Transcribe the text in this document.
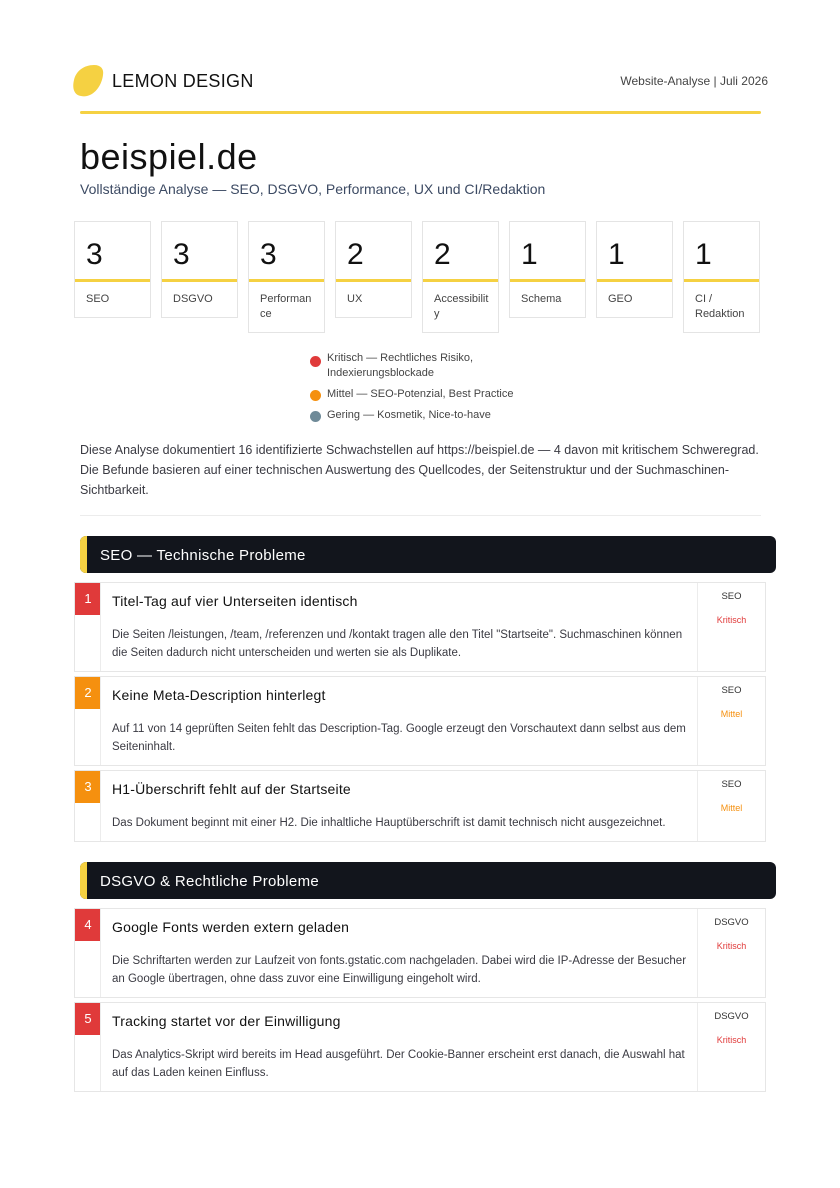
LEMON DESIGN	Website-Analyse | Juli 2026
beispiel.de
Vollständige Analyse — SEO, DSGVO, Performance, UX und CI/Redaktion
3
SEO
3
DSGVO
3
Performance
2
UX
2
Accessibility
1
Schema
1
GEO
1
CI / Redaktion
Kritisch — Rechtliches Risiko, Indexierungsblockade
Mittel — SEO-Potenzial, Best Practice
Gering — Kosmetik, Nice-to-have

Diese Analyse dokumentiert 16 identifizierte Schwachstellen auf https://beispiel.de — 4 davon mit kritischem Schweregrad. Die Befunde basieren auf einer technischen Auswertung des Quellcodes, der Seitenstruktur und der Suchmaschinen-Sichtbarkeit.

SEO — Technische Probleme
1	Titel-Tag auf vier Unterseiten identisch
Die Seiten /leistungen, /team, /referenzen und /kontakt tragen alle den Titel "Startseite". Suchmaschinen können die Seiten dadurch nicht unterscheiden und werten sie als Duplikate.
SEO
Kritisch
2	Keine Meta-Description hinterlegt
Auf 11 von 14 geprüften Seiten fehlt das Description-Tag. Google erzeugt den Vorschautext dann selbst aus dem Seiteninhalt.
SEO
Mittel
3	H1-Überschrift fehlt auf der Startseite
Das Dokument beginnt mit einer H2. Die inhaltliche Hauptüberschrift ist damit technisch nicht ausgezeichnet.
SEO
Mittel
DSGVO & Rechtliche Probleme
4	Google Fonts werden extern geladen
Die Schriftarten werden zur Laufzeit von fonts.gstatic.com nachgeladen. Dabei wird die IP-Adresse der Besucher an Google übertragen, ohne dass zuvor eine Einwilligung eingeholt wird.
DSGVO
Kritisch
5	Tracking startet vor der Einwilligung
Das Analytics-Skript wird bereits im Head ausgeführt. Der Cookie-Banner erscheint erst danach, die Auswahl hat auf das Laden keinen Einfluss.
DSGVO
Kritisch
